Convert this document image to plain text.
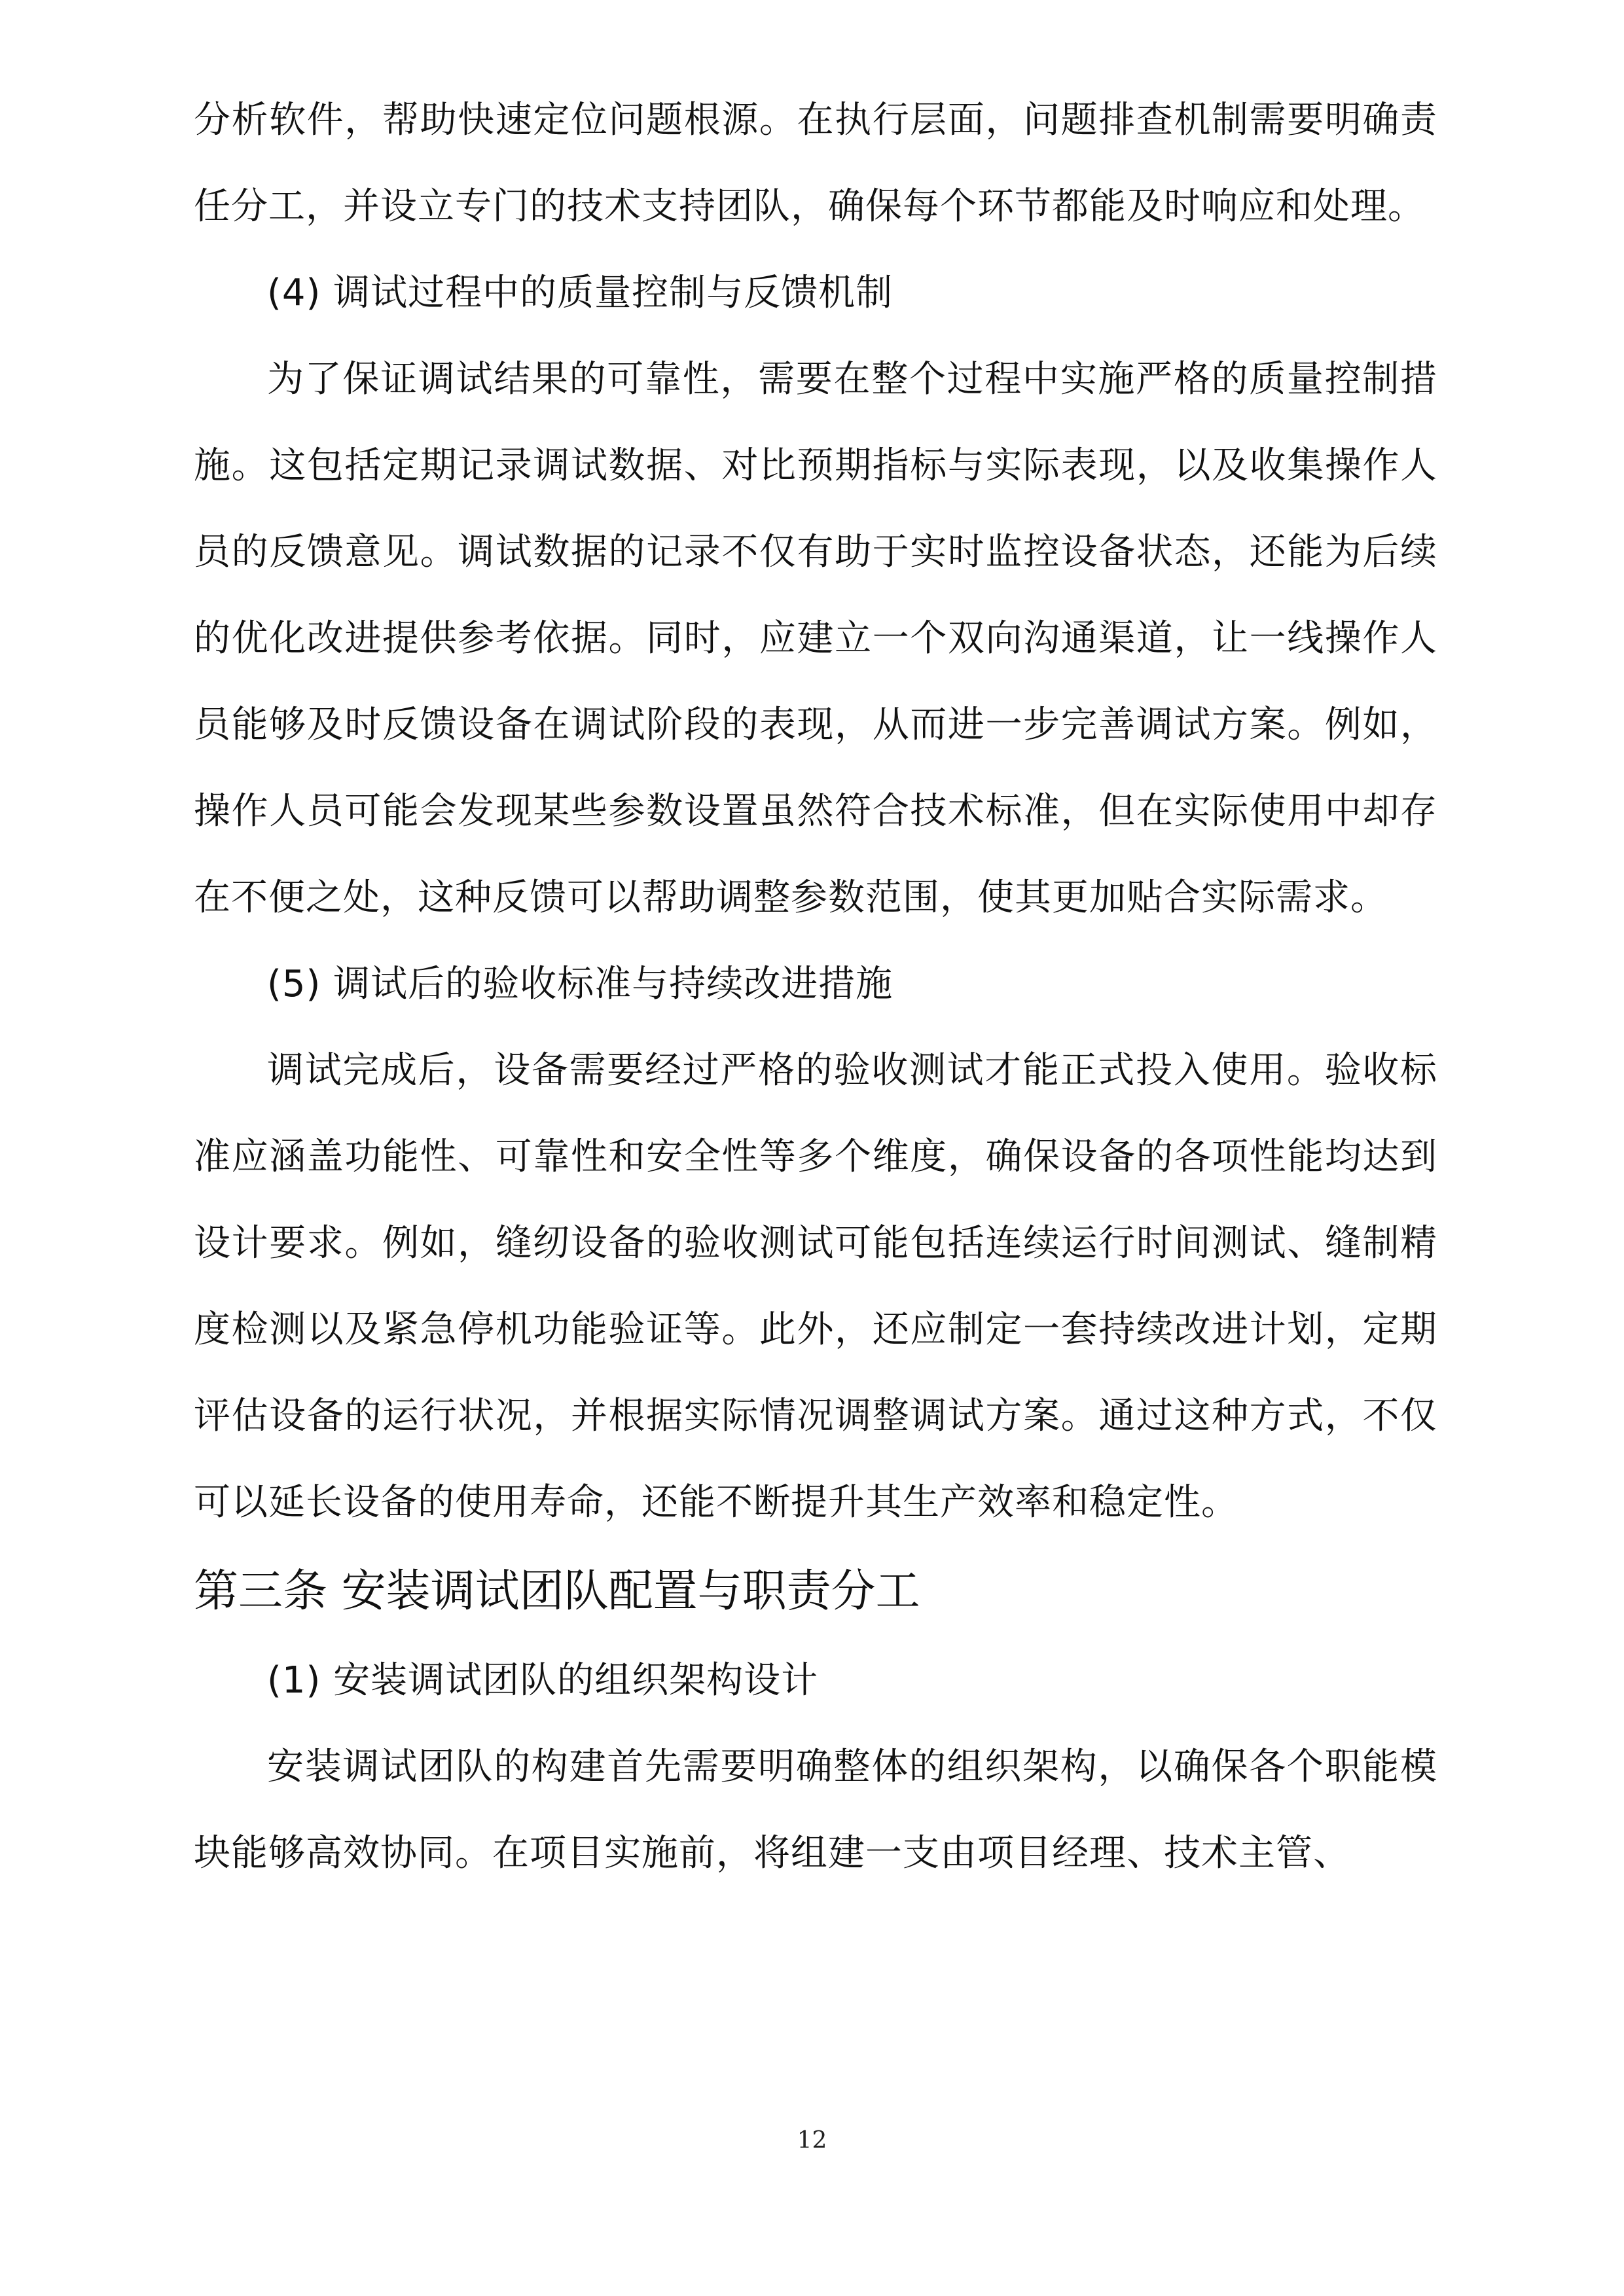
分析软件，帮助快速定位问题根源。在执行层面，问题排查机制需要明确责任分工，并设立专门的技术支持团队，确保每个环节都能及时响应和处理。

(4) 调试过程中的质量控制与反馈机制

为了保证调试结果的可靠性，需要在整个过程中实施严格的质量控制措施。这包括定期记录调试数据、对比预期指标与实际表现，以及收集操作人员的反馈意见。调试数据的记录不仅有助于实时监控设备状态，还能为后续的优化改进提供参考依据。同时，应建立一个双向沟通渠道，让一线操作人员能够及时反馈设备在调试阶段的表现，从而进一步完善调试方案。例如，操作人员可能会发现某些参数设置虽然符合技术标准，但在实际使用中却存在不便之处，这种反馈可以帮助调整参数范围，使其更加贴合实际需求。

(5) 调试后的验收标准与持续改进措施

调试完成后，设备需要经过严格的验收测试才能正式投入使用。验收标准应涵盖功能性、可靠性和安全性等多个维度，确保设备的各项性能均达到设计要求。例如，缝纫设备的验收测试可能包括连续运行时间测试、缝制精度检测以及紧急停机功能验证等。此外，还应制定一套持续改进计划，定期评估设备的运行状况，并根据实际情况调整调试方案。通过这种方式，不仅可以延长设备的使用寿命，还能不断提升其生产效率和稳定性。

第三条 安装调试团队配置与职责分工

(1) 安装调试团队的组织架构设计

安装调试团队的构建首先需要明确整体的组织架构，以确保各个职能模块能够高效协同。在项目实施前，将组建一支由项目经理、技术主管、

12
